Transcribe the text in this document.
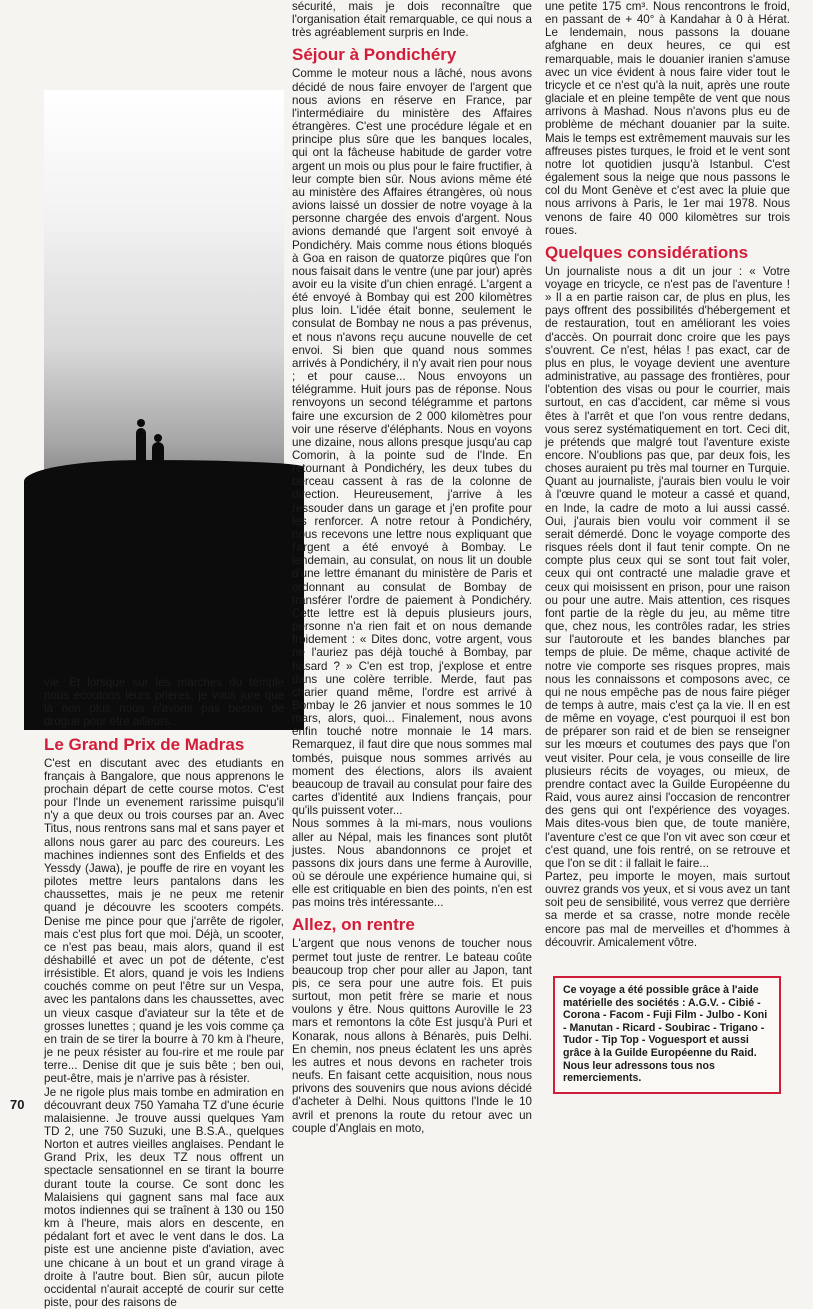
vie. Et lorsque sur les marches du temple nous écoutons leurs prières, je vous jure que là non plus nous n'avons pas besoin de drogue pour être ailleurs...

Le Grand Prix de Madras

C'est en discutant avec des etudiants en français à Bangalore, que nous apprenons le prochain départ de cette course motos. C'est pour l'Inde un evenement rarissime puisqu'il n'y a que deux ou trois courses par an. Avec Titus, nous rentrons sans mal et sans payer et allons nous garer au parc des coureurs. Les machines indiennes sont des Enfields et des Yessdy (Jawa), je pouffe de rire en voyant les pilotes mettre leurs pantalons dans les chaussettes, mais je ne peux me retenir quand je découvre les scooters compéts. Denise me pince pour que j'arrête de rigoler, mais c'est plus fort que moi. Déjà, un scooter, ce n'est pas beau, mais alors, quand il est déshabillé et avec un pot de détente, c'est irrésistible. Et alors, quand je vois les Indiens couchés comme on peut l'être sur un Vespa, avec les pantalons dans les chaussettes, avec un vieux casque d'aviateur sur la tête et de grosses lunettes ; quand je les vois comme ça en train de se tirer la bourre à 70 km à l'heure, je ne peux résister au fou-rire et me roule par terre... Denise dit que je suis bête ; ben oui, peut-être, mais je n'arrive pas à résister.

Je ne rigole plus mais tombe en admiration en découvrant deux 750 Yamaha TZ d'une écurie malaisienne. Je trouve aussi quelques Yam TD 2, une 750 Suzuki, une B.S.A., quelques Norton et autres vieilles anglaises. Pendant le Grand Prix, les deux TZ nous offrent un spectacle sensationnel en se tirant la bourre durant toute la course. Ce sont donc les Malaisiens qui gagnent sans mal face aux motos indiennes qui se traînent à 130 ou 150 km à l'heure, mais alors en descente, en pédalant fort et avec le vent dans le dos. La piste est une ancienne piste d'aviation, avec une chicane à un bout et un grand virage à droite à l'autre bout. Bien sûr, aucun pilote occidental n'aurait accepté de courir sur cette piste, pour des raisons de

sécurité, mais je dois reconnaître que l'organisation était remarquable, ce qui nous a très agréablement surpris en Inde.

Séjour à Pondichéry

Comme le moteur nous a lâché, nous avons décidé de nous faire envoyer de l'argent que nous avions en réserve en France, par l'intermédiaire du ministère des Affaires étrangères. C'est une procédure légale et en principe plus sûre que les banques locales, qui ont la fâcheuse habitude de garder votre argent un mois ou plus pour le faire fructifier, à leur compte bien sûr. Nous avions même été au ministère des Affaires étrangères, où nous avions laissé un dossier de notre voyage à la personne chargée des envois d'argent. Nous avions demandé que l'argent soit envoyé à Pondichéry. Mais comme nous étions bloqués à Goa en raison de quatorze piqûres que l'on nous faisait dans le ventre (une par jour) après avoir eu la visite d'un chien enragé. L'argent a été envoyé à Bombay qui est 200 kilomètres plus loin. L'idée était bonne, seulement le consulat de Bombay ne nous a pas prévenus, et nous n'avons reçu aucune nouvelle de cet envoi. Si bien que quand nous sommes arrivés à Pondichéry, il n'y avait rien pour nous ; et pour cause... Nous envoyons un télégramme. Huit jours pas de réponse. Nous renvoyons un second télégramme et partons faire une excursion de 2 000 kilomètres pour voir une réserve d'éléphants. Nous en voyons une dizaine, nous allons presque jusqu'au cap Comorin, à la pointe sud de l'Inde. En retournant à Pondichéry, les deux tubes du berceau cassent à ras de la colonne de direction. Heureusement, j'arrive à les ressouder dans un garage et j'en profite pour les renforcer. A notre retour à Pondichéry, nous recevons une lettre nous expliquant que l'argent a été envoyé à Bombay. Le lendemain, au consulat, on nous lit un double d'une lettre émanant du ministère de Paris et ordonnant au consulat de Bombay de transférer l'ordre de paiement à Pondichéry. Cette lettre est là depuis plusieurs jours, personne n'a rien fait et on nous demande froidement : « Dites donc, votre argent, vous ne l'auriez pas déjà touché à Bombay, par hasard ? » C'en est trop, j'explose et entre dans une colère terrible. Merde, faut pas charier quand même, l'ordre est arrivé à Bombay le 26 janvier et nous sommes le 10 mars, alors, quoi... Finalement, nous avons enfin touché notre monnaie le 14 mars. Remarquez, il faut dire que nous sommes mal tombés, puisque nous sommes arrivés au moment des élections, alors ils avaient beaucoup de travail au consulat pour faire des cartes d'identité aux Indiens français, pour qu'ils puissent voter...

Nous sommes à la mi-mars, nous voulions aller au Népal, mais les finances sont plutôt justes. Nous abandonnons ce projet et passons dix jours dans une ferme à Auroville, où se déroule une expérience humaine qui, si elle est critiquable en bien des points, n'en est pas moins très intéressante...

Allez, on rentre

L'argent que nous venons de toucher nous permet tout juste de rentrer. Le bateau coûte beaucoup trop cher pour aller au Japon, tant pis, ce sera pour une autre fois. Et puis surtout, mon petit frère se marie et nous voulons y être. Nous quittons Auroville le 23 mars et remontons la côte Est jusqu'à Puri et Konarak, nous allons à Bénarès, puis Delhi. En chemin, nos pneus éclatent les uns après les autres et nous devons en racheter trois neufs. En faisant cette acquisition, nous nous privons des souvenirs que nous avions décidé d'acheter à Delhi. Nous quittons l'Inde le 10 avril et prenons la route du retour avec un couple d'Anglais en moto,

une petite 175 cm³. Nous rencontrons le froid, en passant de + 40° à Kandahar à 0 à Hérat. Le lendemain, nous passons la douane afghane en deux heures, ce qui est remarquable, mais le douanier iranien s'amuse avec un vice évident à nous faire vider tout le tricycle et ce n'est qu'à la nuit, après une route glaciale et en pleine tempête de vent que nous arrivons à Mashad. Nous n'avons plus eu de problème de méchant douanier par la suite. Mais le temps est extrêmement mauvais sur les affreuses pistes turques, le froid et le vent sont notre lot quotidien jusqu'à Istanbul. C'est également sous la neige que nous passons le col du Mont Genève et c'est avec la pluie que nous arrivons à Paris, le 1er mai 1978. Nous venons de faire 40 000 kilomètres sur trois roues.

Quelques considérations

Un journaliste nous a dit un jour : « Votre voyage en tricycle, ce n'est pas de l'aventure ! » Il a en partie raison car, de plus en plus, les pays offrent des possibilités d'hébergement et de restauration, tout en améliorant les voies d'accès. On pourrait donc croire que les pays s'ouvrent. Ce n'est, hélas ! pas exact, car de plus en plus, le voyage devient une aventure administrative, au passage des frontières, pour l'obtention des visas ou pour le courrier, mais surtout, en cas d'accident, car même si vous êtes à l'arrêt et que l'on vous rentre dedans, vous serez systématiquement en tort. Ceci dit, je prétends que malgré tout l'aventure existe encore. N'oublions pas que, par deux fois, les choses auraient pu très mal tourner en Turquie. Quant au journaliste, j'aurais bien voulu le voir à l'œuvre quand le moteur a cassé et quand, en Inde, la cadre de moto a lui aussi cassé. Oui, j'aurais bien voulu voir comment il se serait démerdé. Donc le voyage comporte des risques réels dont il faut tenir compte. On ne compte plus ceux qui se sont tout fait voler, ceux qui ont contracté une maladie grave et ceux qui moisissent en prison, pour une raison ou pour une autre. Mais attention, ces risques font partie de la règle du jeu, au même titre que, chez nous, les contrôles radar, les stries sur l'autoroute et les bandes blanches par temps de pluie. De même, chaque activité de notre vie comporte ses risques propres, mais nous les connaissons et composons avec, ce qui ne nous empêche pas de nous faire piéger de temps à autre, mais c'est ça la vie. Il en est de même en voyage, c'est pourquoi il est bon de préparer son raid et de bien se renseigner sur les mœurs et coutumes des pays que l'on veut visiter. Pour cela, je vous conseille de lire plusieurs récits de voyages, ou mieux, de prendre contact avec la Guilde Européenne du Raid, vous aurez ainsi l'occasion de rencontrer des gens qui ont l'expérience des voyages. Mais dites-vous bien que, de toute manière, l'aventure c'est ce que l'on vit avec son cœur et c'est quand, une fois rentré, on se retrouve et que l'on se dit : il fallait le faire...

Partez, peu importe le moyen, mais surtout ouvrez grands vos yeux, et si vous avez un tant soit peu de sensibilité, vous verrez que derrière sa merde et sa crasse, notre monde recèle encore pas mal de merveilles et d'hommes à découvrir. Amicalement vôtre.

Ce voyage a été possible grâce à l'aide matérielle des sociétés : A.G.V. - Cibié - Corona - Facom - Fuji Film - Julbo - Koni - Manutan - Ricard - Soubirac - Trigano - Tudor - Tip Top - Voguesport et aussi grâce à la Guilde Européenne du Raid. Nous leur adressons tous nos remerciements.

70
